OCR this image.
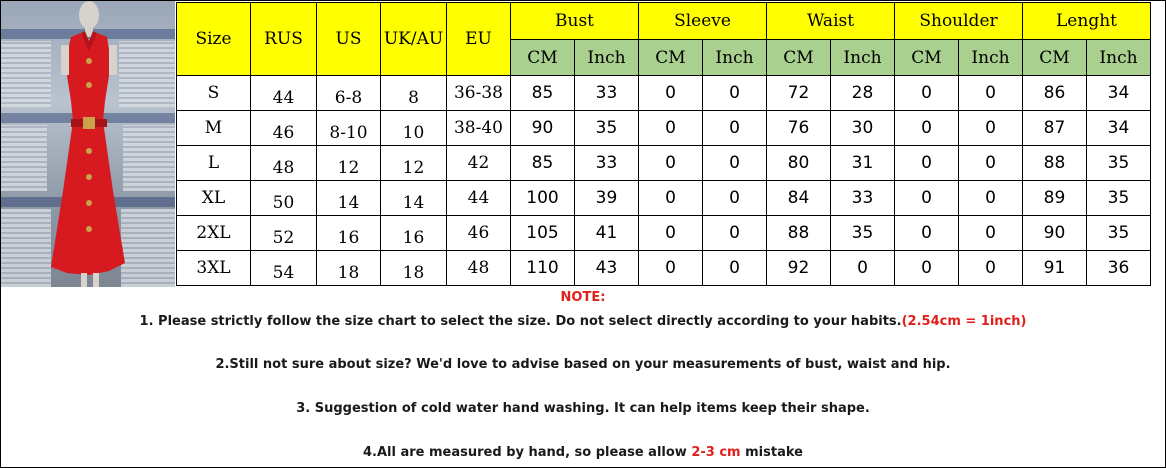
Size	RUS	US	UK/AU	EU	Bust		Sleeve		Waist		Shoulder		Lenght	
					CM	Inch	CM	Inch	CM	Inch	CM	Inch	CM	Inch
S	44	6-8	8	36-38	85	33	0	0	72	28	0	0	86	34
M	46	8-10	10	38-40	90	35	0	0	76	30	0	0	87	34
L	48	12	12	42	85	33	0	0	80	31	0	0	88	35
XL	50	14	14	44	100	39	0	0	84	33	0	0	89	35
2XL	52	16	16	46	105	41	0	0	88	35	0	0	90	35
3XL	54	18	18	48	110	43	0	0	92	0	0	0	91	36
NOTE:
1. Please strictly follow the size chart to select the size. Do not select directly according to your habits.(2.54cm = 1inch)
2.Still not sure about size? We'd love to advise based on your measurements of bust, waist and hip.
3. Suggestion of cold water hand washing. It can help items keep their shape.
4.All are measured by hand, so please allow 2-3 cm mistake
